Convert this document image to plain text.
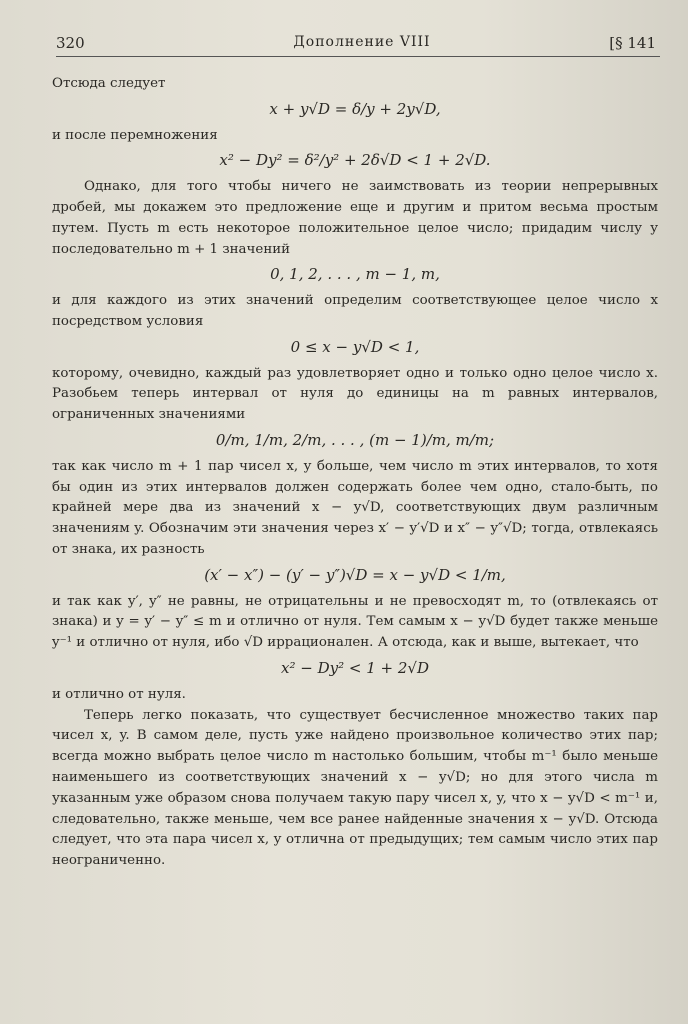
320	Дополнение VIII	[§ 141

Отсюда следует

x + y√D = δ/y + 2y√D,

и после перемножения

x² − Dy² = δ²/y² + 2δ√D < 1 + 2√D.

Однако, для того чтобы ничего не заимствовать из теории непрерывных дробей, мы докажем это предложение еще и другим и притом весьма простым путем. Пусть m есть некоторое положительное целое число; придадим числу y последовательно m + 1 значений

0, 1, 2, . . . , m − 1, m,

и для каждого из этих значений определим соответствующее целое число x посредством условия

0 ≤ x − y√D < 1,

которому, очевидно, каждый раз удовлетворяет одно и только одно целое число x. Разобьем теперь интервал от нуля до единицы на m равных интервалов, ограниченных значениями

0/m, 1/m, 2/m, . . . , (m − 1)/m, m/m;

так как число m + 1 пар чисел x, y больше, чем число m этих интервалов, то хотя бы один из этих интервалов должен содержать более чем одно, стало-быть, по крайней мере два из значений x − y√D, соответствующих двум различным значениям y. Обозначим эти значения через x′ − y′√D и x″ − y″√D; тогда, отвлекаясь от знака, их разность

(x′ − x″) − (y′ − y″)√D = x − y√D < 1/m,

и так как y′, y″ не равны, не отрицательны и не превосходят m, то (отвлекаясь от знака) и y = y′ − y″ ≤ m и отлично от нуля. Тем самым x − y√D будет также меньше y⁻¹ и отлично от нуля, ибо √D иррационален. А отсюда, как и выше, вытекает, что

x² − Dy² < 1 + 2√D

и отлично от нуля.

Теперь легко показать, что существует бесчисленное множество таких пар чисел x, y. В самом деле, пусть уже найдено произвольное количество этих пар; всегда можно выбрать целое число m настолько большим, чтобы m⁻¹ было меньше наименьшего из соответствующих значений x − y√D; но для этого числа m указанным уже образом снова получаем такую пару чисел x, y, что x − y√D < m⁻¹ и, следовательно, также меньше, чем все ранее найденные значения x − y√D. Отсюда следует, что эта пара чисел x, y отлична от предыдущих; тем самым число этих пар неограниченно.
